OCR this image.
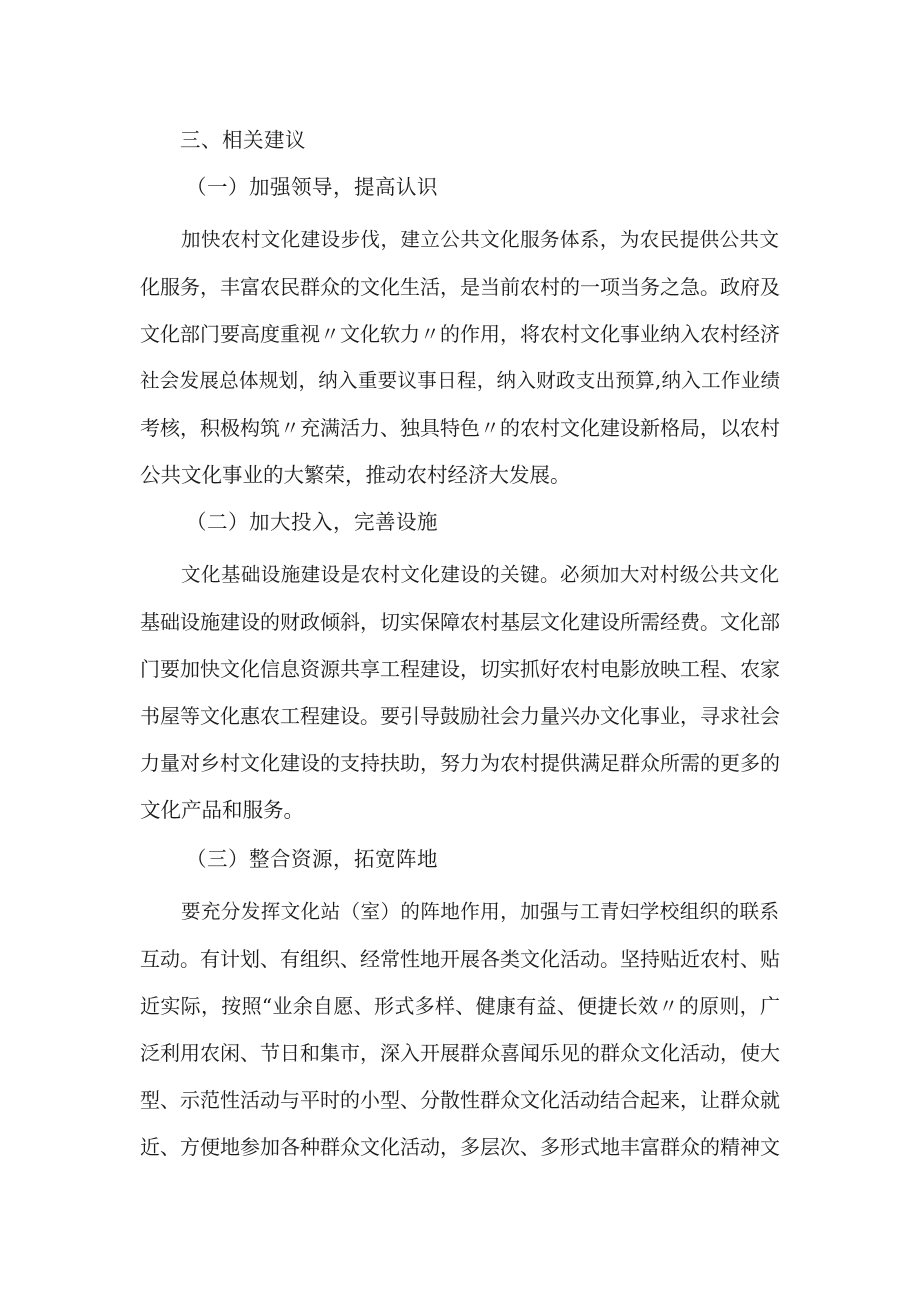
三、相关建议
（一）加强领导，提高认识
加快农村文化建设步伐，建立公共文化服务体系，为农民提供公共文
化服务，丰富农民群众的文化生活，是当前农村的一项当务之急。政府及
文化部门要高度重视〃文化软力〃的作用，将农村文化事业纳入农村经济
社会发展总体规划，纳入重要议事日程，纳入财政支出预算,纳入工作业绩
考核，积极构筑〃充满活力、独具特色〃的农村文化建设新格局，以农村
公共文化事业的大繁荣，推动农村经济大发展。
（二）加大投入，完善设施
文化基础设施建设是农村文化建设的关键。必须加大对村级公共文化
基础设施建设的财政倾斜，切实保障农村基层文化建设所需经费。文化部
门要加快文化信息资源共享工程建设，切实抓好农村电影放映工程、农家
书屋等文化惠农工程建设。要引导鼓励社会力量兴办文化事业，寻求社会
力量对乡村文化建设的支持扶助，努力为农村提供满足群众所需的更多的
文化产品和服务。
（三）整合资源，拓宽阵地
要充分发挥文化站（室）的阵地作用，加强与工青妇学校组织的联系
互动。有计划、有组织、经常性地开展各类文化活动。坚持贴近农村、贴
近实际，按照“业余自愿、形式多样、健康有益、便捷长效〃的原则，广
泛利用农闲、节日和集市，深入开展群众喜闻乐见的群众文化活动，使大
型、示范性活动与平时的小型、分散性群众文化活动结合起来，让群众就
近、方便地参加各种群众文化活动，多层次、多形式地丰富群众的精神文
